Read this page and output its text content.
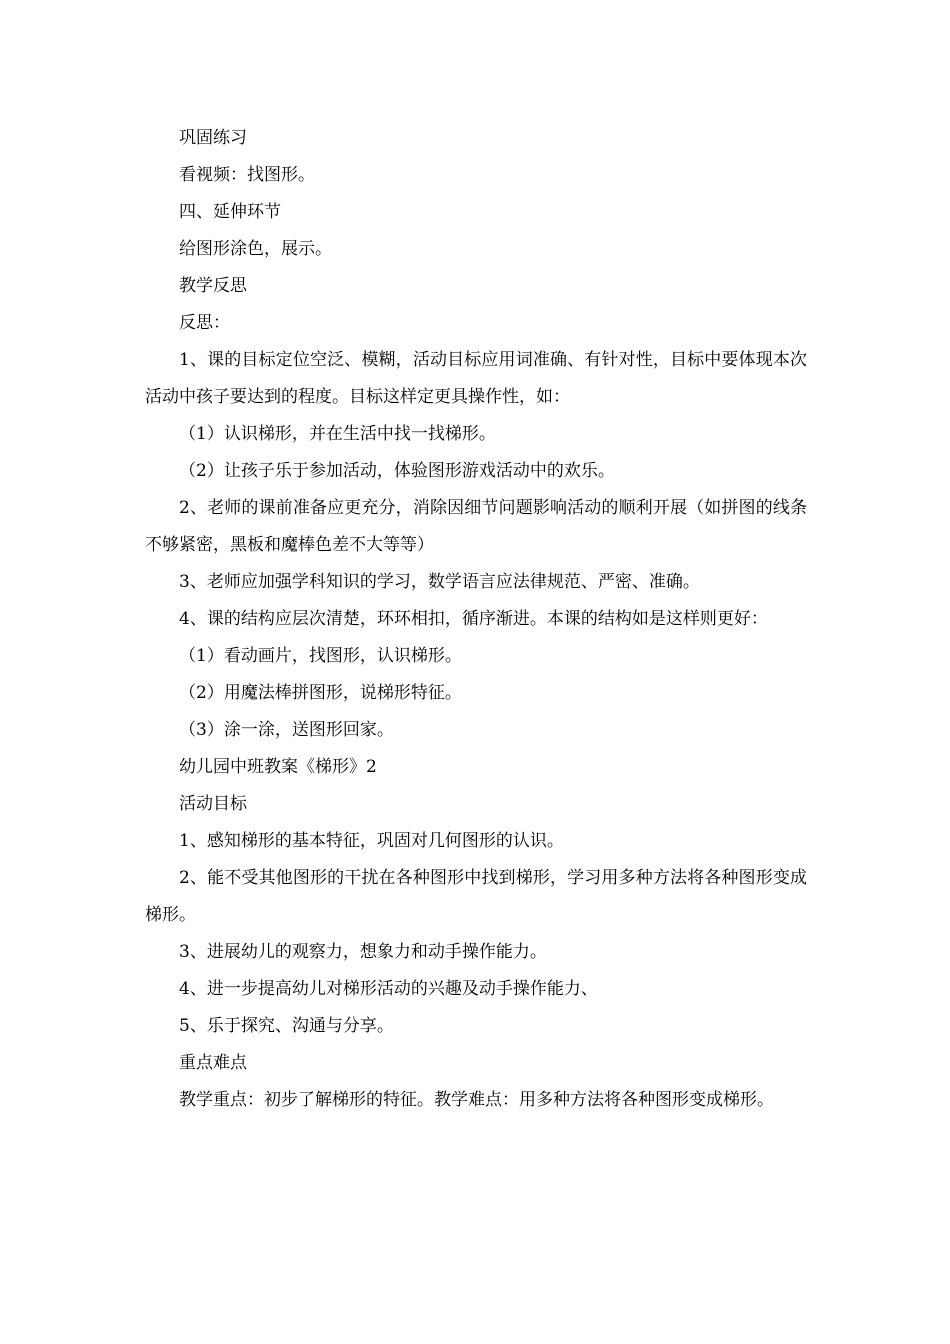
巩固练习

看视频：找图形。

四、延伸环节

给图形涂色，展示。

教学反思

反思：

1、课的目标定位空泛、模糊，活动目标应用词准确、有针对性，目标中要体现本次活动中孩子要达到的程度。目标这样定更具操作性，如：

（1）认识梯形，并在生活中找一找梯形。

（2）让孩子乐于参加活动，体验图形游戏活动中的欢乐。

2、老师的课前准备应更充分，消除因细节问题影响活动的顺利开展（如拼图的线条不够紧密，黑板和魔棒色差不大等等）

3、老师应加强学科知识的学习，数学语言应法律规范、严密、准确。

4、课的结构应层次清楚，环环相扣，循序渐进。本课的结构如是这样则更好：

（1）看动画片，找图形，认识梯形。

（2）用魔法棒拼图形，说梯形特征。

（3）涂一涂，送图形回家。

幼儿园中班教案《梯形》2

活动目标

1、感知梯形的基本特征，巩固对几何图形的认识。

2、能不受其他图形的干扰在各种图形中找到梯形，学习用多种方法将各种图形变成梯形。

3、进展幼儿的观察力，想象力和动手操作能力。

4、进一步提高幼儿对梯形活动的兴趣及动手操作能力、

5、乐于探究、沟通与分享。

重点难点

教学重点：初步了解梯形的特征。教学难点：用多种方法将各种图形变成梯形。
